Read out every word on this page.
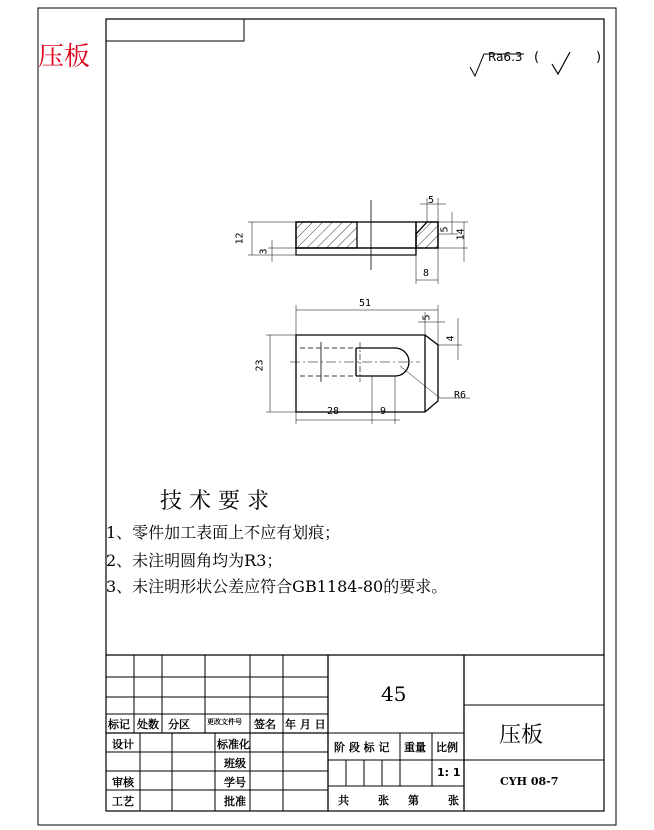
压板	Ra6.3 (	)
12
3
5
5 14
8
51
23
5
4
28	9
R6
技 术 要 求
1、零件加工表面上不应有划痕；
2、未注明圆角均为R3；
3、未注明形状公差应符合GB1184-80的要求。
标记 处数 分区 更改文件号 签名 年 月 日
设计	标准化
班级
审核	学号
工艺	批准
45
阶 段 标 记 重量 比例
1: 1
共	张 第	张
压板
CYH 08-7
